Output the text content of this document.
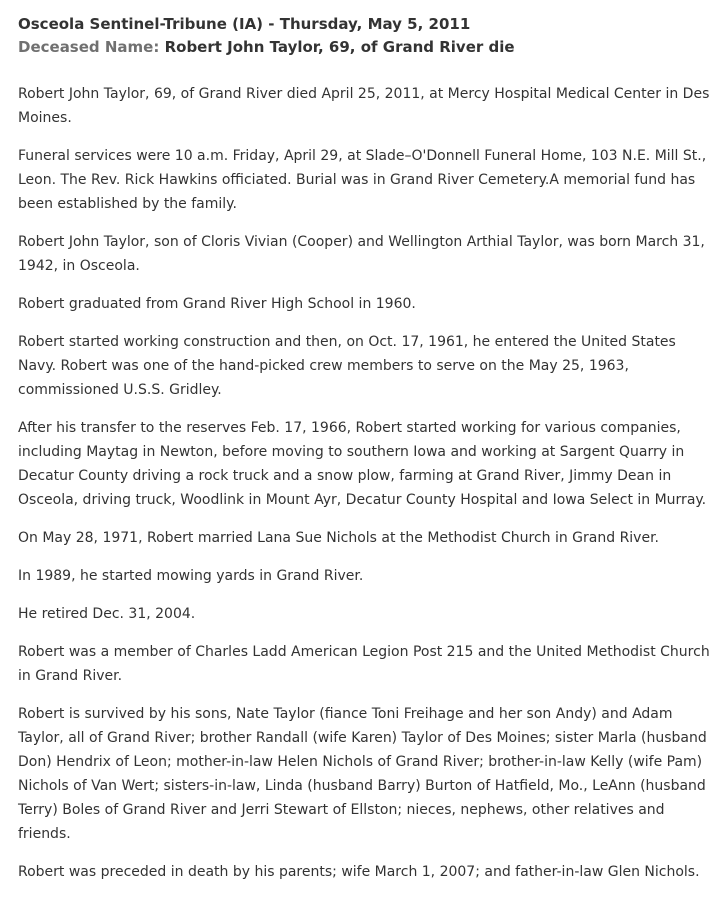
Osceola Sentinel-Tribune (IA) - Thursday, May 5, 2011

Deceased Name: Robert John Taylor, 69, of Grand River die

Robert John Taylor, 69, of Grand River died April 25, 2011, at Mercy Hospital Medical Center in Des Moines.

Funeral services were 10 a.m. Friday, April 29, at Slade–O'Donnell Funeral Home, 103 N.E. Mill St., Leon. The Rev. Rick Hawkins officiated. Burial was in Grand River Cemetery.A memorial fund has been established by the family.

Robert John Taylor, son of Cloris Vivian (Cooper) and Wellington Arthial Taylor, was born March 31, 1942, in Osceola.

Robert graduated from Grand River High School in 1960.

Robert started working construction and then, on Oct. 17, 1961, he entered the United States Navy. Robert was one of the hand-picked crew members to serve on the May 25, 1963, commissioned U.S.S. Gridley.

After his transfer to the reserves Feb. 17, 1966, Robert started working for various companies, including Maytag in Newton, before moving to southern Iowa and working at Sargent Quarry in Decatur County driving a rock truck and a snow plow, farming at Grand River, Jimmy Dean in Osceola, driving truck, Woodlink in Mount Ayr, Decatur County Hospital and Iowa Select in Murray.

On May 28, 1971, Robert married Lana Sue Nichols at the Methodist Church in Grand River.

In 1989, he started mowing yards in Grand River.

He retired Dec. 31, 2004.

Robert was a member of Charles Ladd American Legion Post 215 and the United Methodist Church in Grand River.

Robert is survived by his sons, Nate Taylor (fiance Toni Freihage and her son Andy) and Adam Taylor, all of Grand River; brother Randall (wife Karen) Taylor of Des Moines; sister Marla (husband Don) Hendrix of Leon; mother-in-law Helen Nichols of Grand River; brother-in-law Kelly (wife Pam) Nichols of Van Wert; sisters-in-law, Linda (husband Barry) Burton of Hatfield, Mo., LeAnn (husband Terry) Boles of Grand River and Jerri Stewart of Ellston; nieces, nephews, other relatives and friends.

Robert was preceded in death by his parents; wife March 1, 2007; and father-in-law Glen Nichols.
